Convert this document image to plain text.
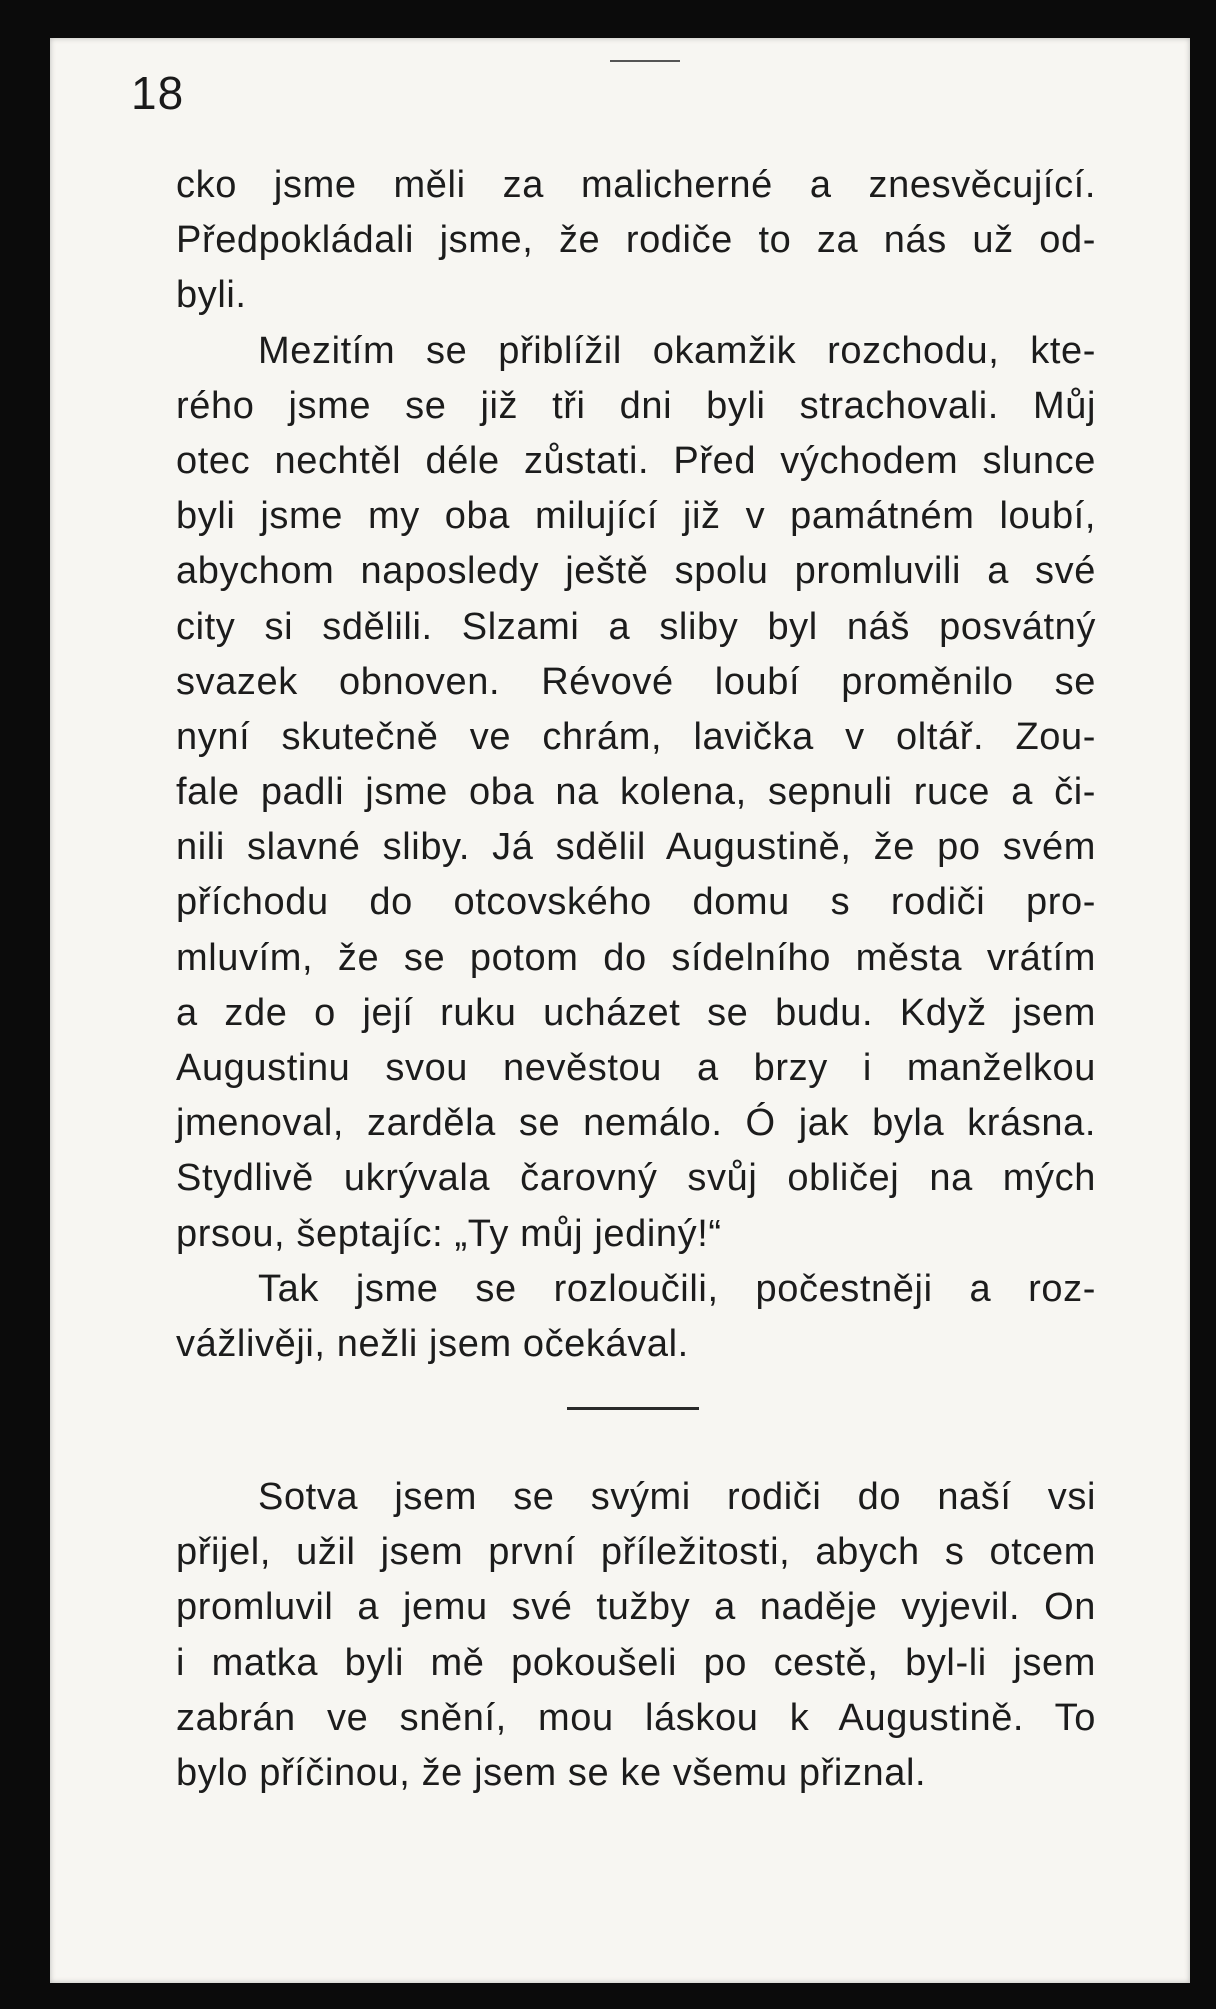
18
cko jsme měli za malicherné a znesvěcující.
Předpokládali jsme, že rodiče to za nás už od-
byli.
Mezitím se přiblížil okamžik rozchodu, kte-
rého jsme se již tři dni byli strachovali. Můj
otec nechtěl déle zůstati. Před východem slunce
byli jsme my oba milující již v památném loubí,
abychom naposledy ještě spolu promluvili a své
city si sdělili. Slzami a sliby byl náš posvátný
svazek obnoven. Révové loubí proměnilo se
nyní skutečně ve chrám, lavička v oltář. Zou-
fale padli jsme oba na kolena, sepnuli ruce a či-
nili slavné sliby. Já sdělil Augustině, že po svém
příchodu do otcovského domu s rodiči pro-
mluvím, že se potom do sídelního města vrátím
a zde o její ruku ucházet se budu. Když jsem
Augustinu svou nevěstou a brzy i manželkou
jmenoval, zarděla se nemálo. Ó jak byla krásna.
Stydlivě ukrývala čarovný svůj obličej na mých
prsou, šeptajíc: „Ty můj jediný!“
Tak jsme se rozloučili, počestněji a roz-
vážlivěji, nežli jsem očekával.
Sotva jsem se svými rodiči do naší vsi
přijel, užil jsem první příležitosti, abych s otcem
promluvil a jemu své tužby a naděje vyjevil. On
i matka byli mě pokoušeli po cestě, byl-li jsem
zabrán ve snění, mou láskou k Augustině. To
bylo příčinou, že jsem se ke všemu přiznal.
